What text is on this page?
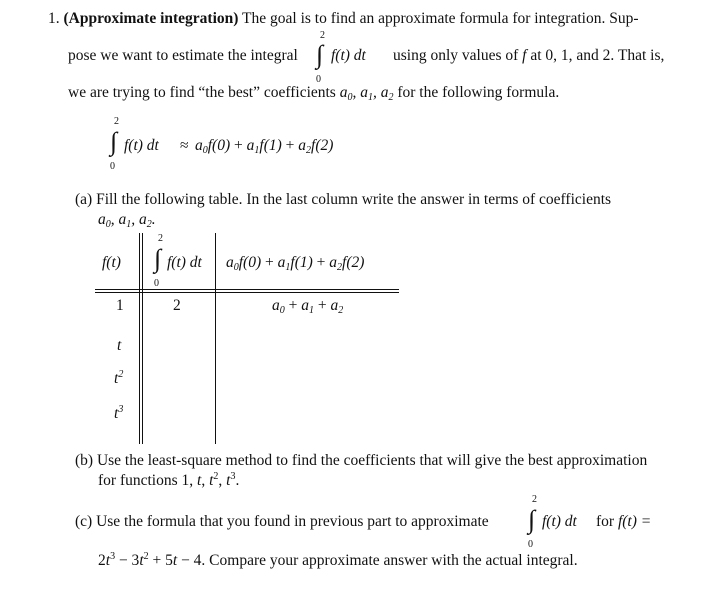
1. (Approximate integration) The goal is to find an approximate formula for integration. Sup-
pose we want to estimate the integral
2
∫
0
f(t) dt using only values of f at 0, 1, and 2. That is,
we are trying to find “the best” coefficients $a_0$, $a_1$, $a_2$ for the following formula.
2
∫
0
f(t) dt ≈ $a_0f(0) + a_1f(1) + a_2f(2)$
(a) Fill the following table. In the last column write the answer in terms of coefficients
$a_0$, $a_1$, $a_2$.
f(t)
2
∫
0
f(t) dt $a_0f(0) + a_1f(1) + a_2f(2)$
1	2	$a_0 + a_1 + a_2$
t
$t^2$
$t^3$
(b) Use the least-square method to find the coefficients that will give the best approximation
for functions 1, t, $t^2$, $t^3$.
(c) Use the formula that you found in previous part to approximate
2
∫
0
f(t) dt for f(t) =
$2t^3 - 3t^2 + 5t - 4$. Compare your approximate answer with the actual integral.
